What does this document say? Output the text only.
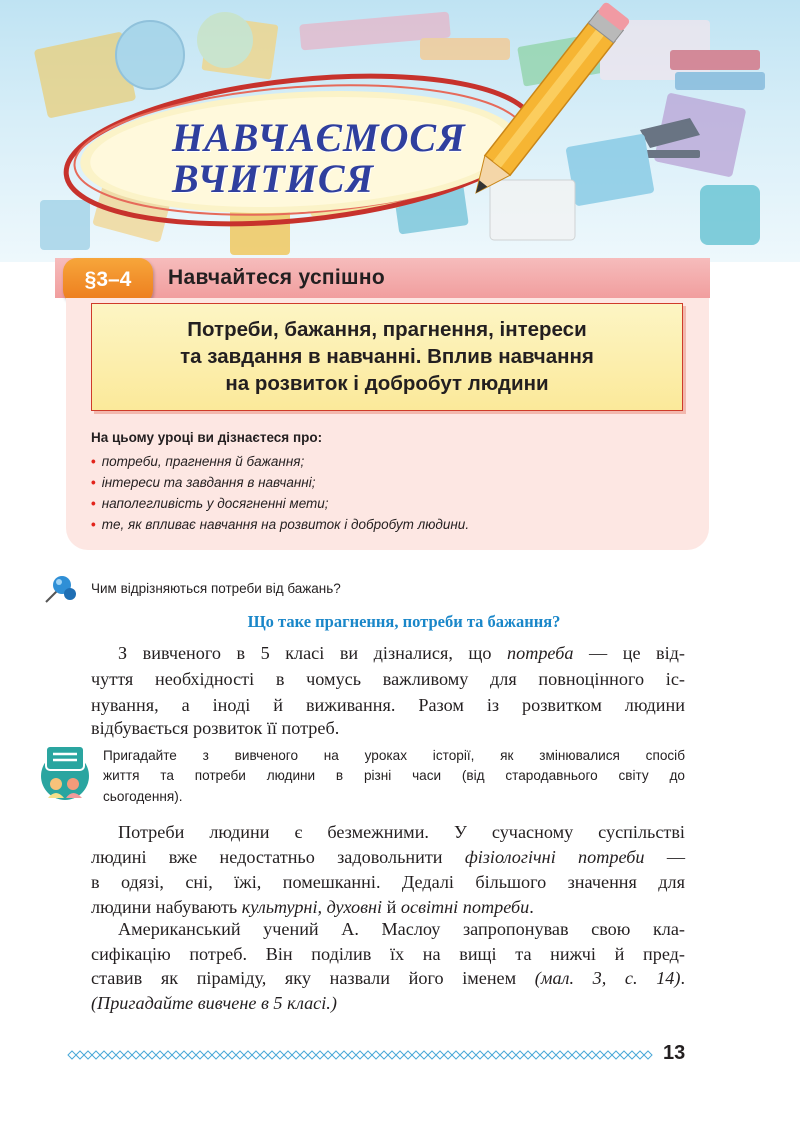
НАВЧАЄМОСЯ
ВЧИТИСЯ
§3–4	Навчайтеся успішно
Потреби, бажання, прагнення, інтереси
та завдання в навчанні. Вплив навчання
на розвиток і добробут людини
На цьому уроці ви дізнаєтеся про:
• потреби, прагнення й бажання;
• інтереси та завдання в навчанні;
• наполегливість у досягненні мети;
• те, як впливає навчання на розвиток і добробут людини.
Чим відрізняються потреби від бажань?
Що таке прагнення, потреби та бажання?
З вивченого в 5 класі ви дізналися, що потреба — це від-
чуття необхідності в чомусь важливому для повноцінного іс-
нування, а іноді й виживання. Разом із розвитком людини
відбувається розвиток її потреб.
Пригадайте з вивченого на уроках історії, як змінювалися спосіб
життя та потреби людини в різні часи (від стародавнього світу до
сьогодення).
Потреби людини є безмежними. У сучасному суспільстві
людині вже недостатньо задовольнити фізіологічні потреби —
в одязі, сні, їжі, помешканні. Дедалі більшого значення для
людини набувають культурні, духовні й освітні потреби.
Американський учений А. Маслоу запропонував свою кла-
сифікацію потреб. Він поділив їх на вищі та нижчі й пред-
ставив як піраміду, яку назвали його іменем (мал. 3, с. 14).
(Пригадайте вивчене в 5 класі.)
13
